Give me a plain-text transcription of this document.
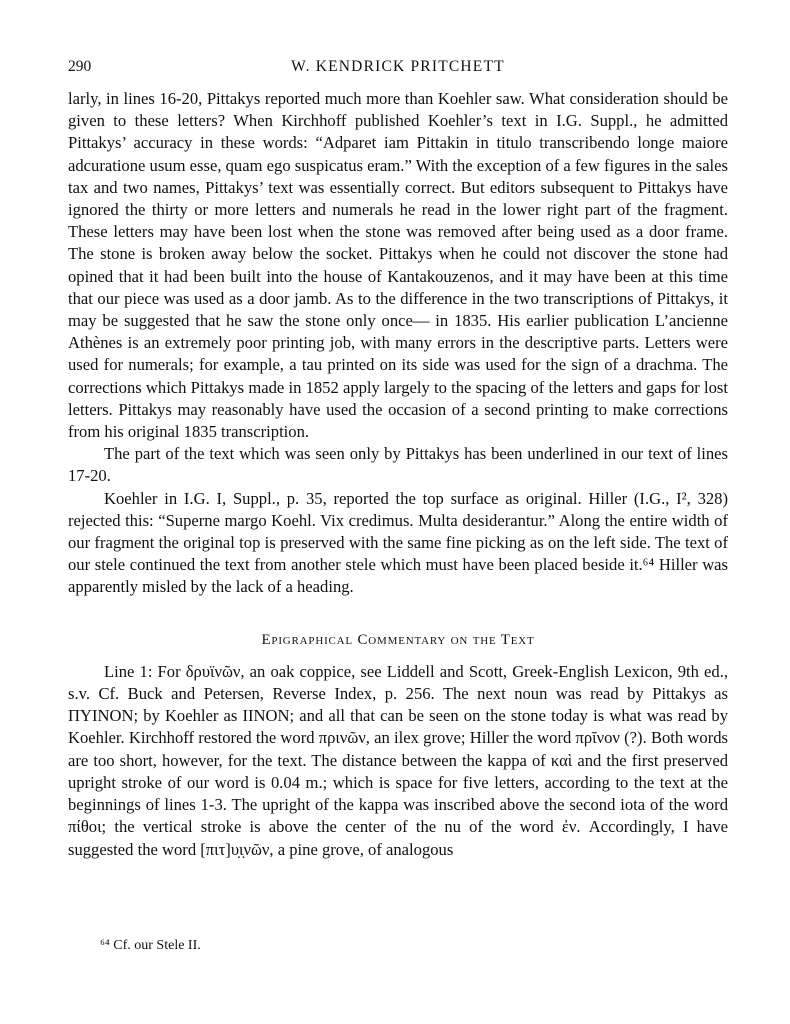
290	W. KENDRICK PRITCHETT

larly, in lines 16-20, Pittakys reported much more than Koehler saw. What consideration should be given to these letters? When Kirchhoff published Koehler’s text in I.G. Suppl., he admitted Pittakys’ accuracy in these words: “Adparet iam Pittakin in titulo transcribendo longe maiore adcuratione usum esse, quam ego suspicatus eram.” With the exception of a few figures in the sales tax and two names, Pittakys’ text was essentially correct. But editors subsequent to Pittakys have ignored the thirty or more letters and numerals he read in the lower right part of the fragment. These letters may have been lost when the stone was removed after being used as a door frame. The stone is broken away below the socket. Pittakys when he could not discover the stone had opined that it had been built into the house of Kantakouzenos, and it may have been at this time that our piece was used as a door jamb. As to the difference in the two transcriptions of Pittakys, it may be suggested that he saw the stone only once— in 1835. His earlier publication L’ancienne Athènes is an extremely poor printing job, with many errors in the descriptive parts. Letters were used for numerals; for example, a tau printed on its side was used for the sign of a drachma. The corrections which Pittakys made in 1852 apply largely to the spacing of the letters and gaps for lost letters. Pittakys may reasonably have used the occasion of a second printing to make corrections from his original 1835 transcription.

The part of the text which was seen only by Pittakys has been underlined in our text of lines 17-20.

Koehler in I.G. I, Suppl., p. 35, reported the top surface as original. Hiller (I.G., I², 328) rejected this: “Superne margo Koehl. Vix credimus. Multa desiderantur.” Along the entire width of our fragment the original top is preserved with the same fine picking as on the left side. The text of our stele continued the text from another stele which must have been placed beside it.⁶⁴ Hiller was apparently misled by the lack of a heading.

Epigraphical Commentary on the Text

Line 1: For δρυϊνῶν, an oak coppice, see Liddell and Scott, Greek-English Lexicon, 9th ed., s.v. Cf. Buck and Petersen, Reverse Index, p. 256. The next noun was read by Pittakys as ΠΥΙΝΟΝ; by Koehler as ΙΙΝΟΝ; and all that can be seen on the stone today is what was read by Koehler. Kirchhoff restored the word πρινῶν, an ilex grove; Hiller the word πρῖνον (?). Both words are too short, however, for the text. The distance between the kappa of καὶ and the first preserved upright stroke of our word is 0.04 m.; which is space for five letters, according to the text at the beginnings of lines 1-3. The upright of the kappa was inscribed above the second iota of the word πίθοι; the vertical stroke is above the center of the nu of the word ἐν. Accordingly, I have suggested the word [πιτ]υ̣ι̣νῶν, a pine grove, of analogous

⁶⁴ Cf. our Stele II.
